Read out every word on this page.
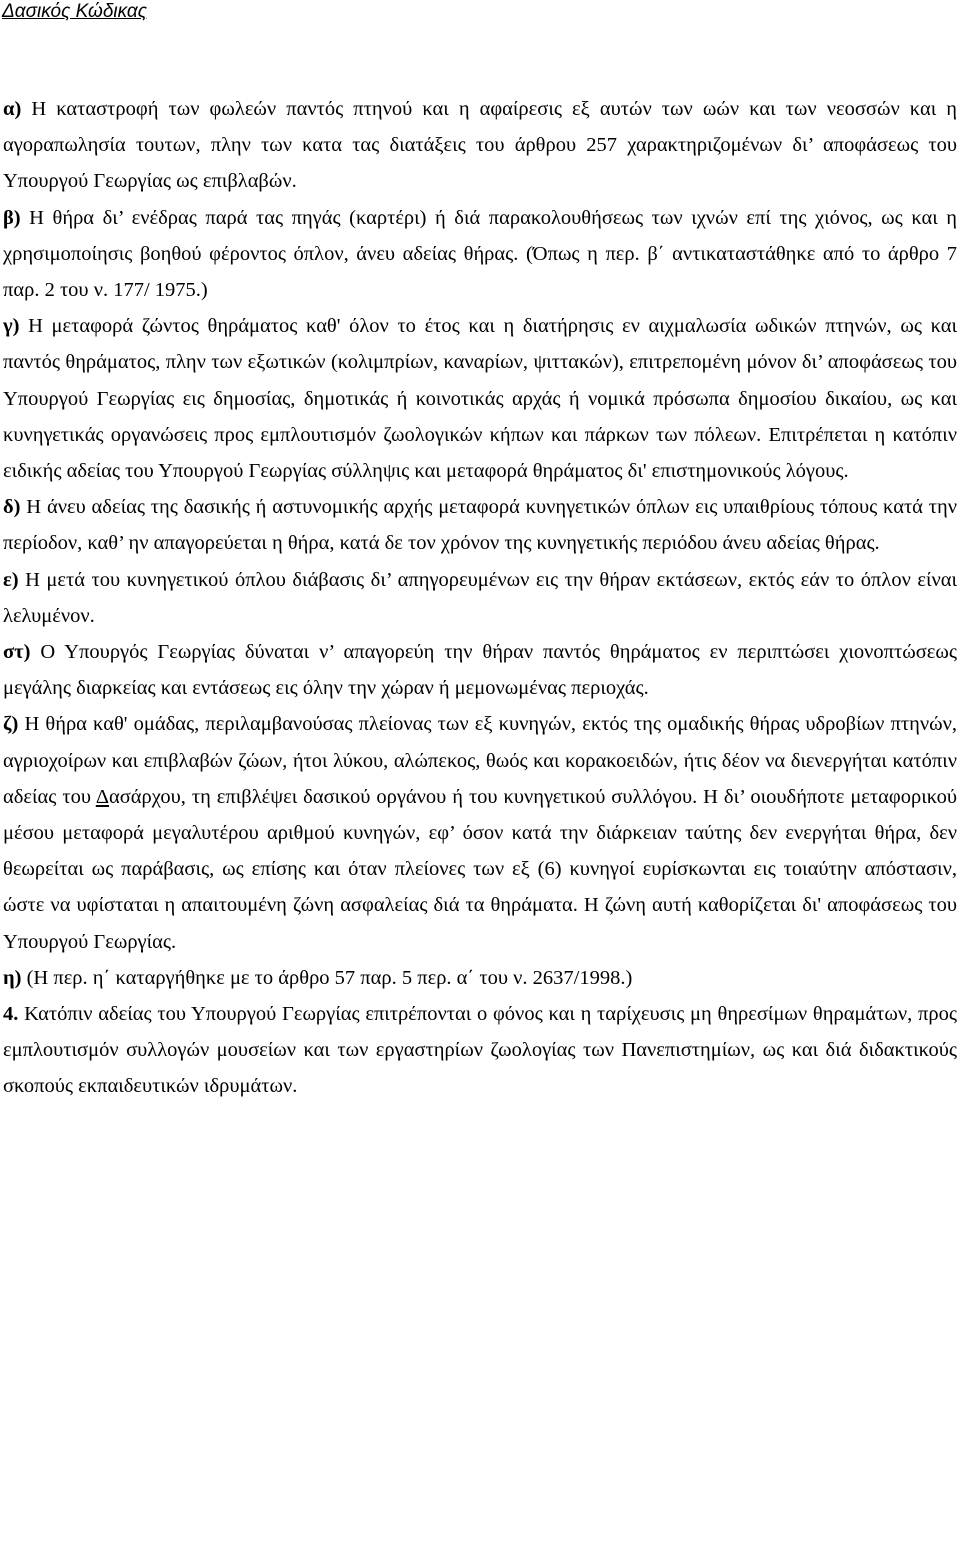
Δασικός Κώδικας

α) Η καταστροφή των φωλεών παντός πτηνού και η αφαίρεσις εξ αυτών των ωών και των νεοσσών και η αγοραπωλησία τουτων, πλην των κατα τας διατάξεις του άρθρου 257 χαρακτηριζομένων δι’ αποφάσεως του Υπουργού Γεωργίας ως επιβλαβών.

β) Η θήρα δι’ ενέδρας παρά τας πηγάς (καρτέρι) ή διά παρακολουθήσεως των ιχνών επί της χιόνος, ως και η χρησιμοποίησις βοηθού φέροντος όπλον, άνευ αδείας θήρας. (Όπως η περ. β΄ αντικαταστάθηκε από το άρθρο 7 παρ. 2 του ν. 177/ 1975.)

γ) Η μεταφορά ζώντος θηράματος καθ' όλον το έτος και η διατήρησις εν αιχμαλωσία ωδικών πτηνών, ως και παντός θηράματος, πλην των εξωτικών (κολιμπρίων, καναρίων, ψιττακών), επιτρεπομένη μόνον δι’ αποφάσεως του Υπουργού Γεωργίας εις δημοσίας, δημοτικάς ή κοινοτικάς αρχάς ή νομικά πρόσωπα δημοσίου δικαίου, ως και κυνηγετικάς οργανώσεις προς εμπλουτισμόν ζωολογικών κήπων και πάρκων των πόλεων. Επιτρέπεται η κατόπιν ειδικής αδείας του Υπουργού Γεωργίας σύλληψις και μεταφορά θηράματος δι' επιστημονικούς λόγους.

δ) Η άνευ αδείας της δασικής ή αστυνομικής αρχής μεταφορά κυνηγετικών όπλων εις υπαιθρίους τόπους κατά την περίοδον, καθ’ ην απαγορεύεται η θήρα, κατά δε τον χρόνον της κυνηγετικής περιόδου άνευ αδείας θήρας.

ε) Η μετά του κυνηγετικού όπλου διάβασις δι’ απηγορευμένων εις την θήραν εκτάσεων, εκτός εάν το όπλον είναι λελυμένον.

στ) Ο Υπουργός Γεωργίας δύναται ν’ απαγορεύη την θήραν παντός θηράματος εν περιπτώσει χιονοπτώσεως μεγάλης διαρκείας και εντάσεως εις όλην την χώραν ή μεμονωμένας περιοχάς.

ζ) Η θήρα καθ' ομάδας, περιλαμβανούσας πλείονας των εξ κυνηγών, εκτός της ομαδικής θήρας υδροβίων πτηνών, αγριοχοίρων και επιβλαβών ζώων, ήτοι λύκου, αλώπεκος, θωός και κορακοειδών, ήτις δέον να διενεργήται κατόπιν αδείας του Δασάρχου, τη επιβλέψει δασικού οργάνου ή του κυνηγετικού συλλόγου. Η δι’ οιουδήποτε μεταφορικού μέσου μεταφορά μεγαλυτέρου αριθμού κυνηγών, εφ’ όσον κατά την διάρκειαν ταύτης δεν ενεργήται θήρα, δεν θεωρείται ως παράβασις, ως επίσης και όταν πλείονες των εξ (6) κυνηγοί ευρίσκωνται εις τοιαύτην απόστασιν, ώστε να υφίσταται η απαιτουμένη ζώνη ασφαλείας διά τα θηράματα. Η ζώνη αυτή καθορίζεται δι' αποφάσεως του Υπουργού Γεωργίας.

η) (Η περ. η΄ καταργήθηκε με το άρθρο 57 παρ. 5 περ. α΄ του ν. 2637/1998.)

4. Κατόπιν αδείας του Υπουργού Γεωργίας επιτρέπονται ο φόνος και η ταρίχευσις μη θηρεσίμων θηραμάτων, προς εμπλουτισμόν συλλογών μουσείων και των εργαστηρίων ζωολογίας των Πανεπιστημίων, ως και διά διδακτικούς σκοπούς εκπαιδευτικών ιδρυμάτων.
